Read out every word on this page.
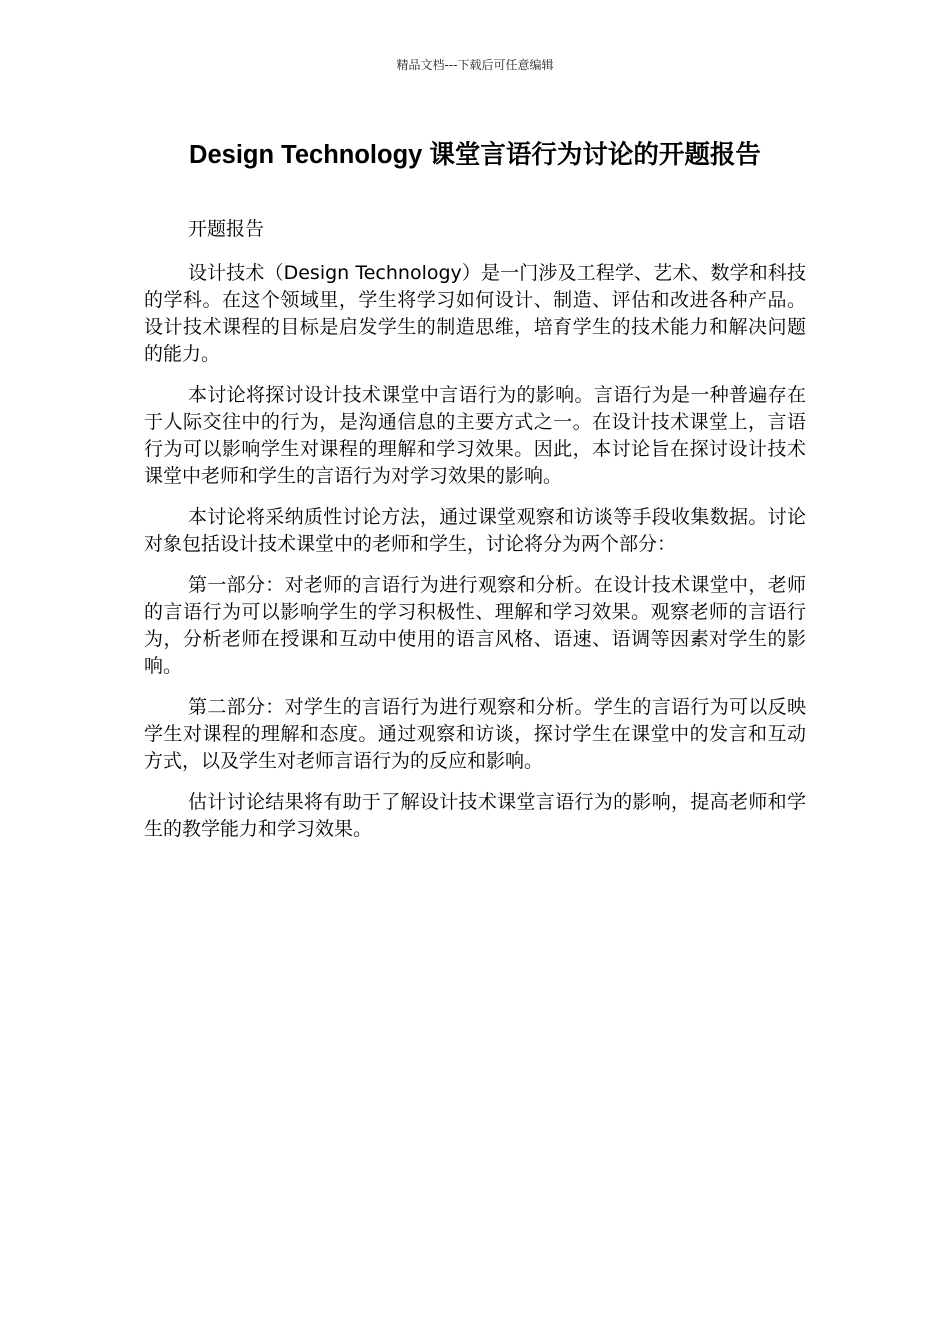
精品文档---下载后可任意编辑
Design Technology 课堂言语行为讨论的开题报告

开题报告

设计技术（Design Technology）是一门涉及工程学、艺术、数学和科技的学科。在这个领域里，学生将学习如何设计、制造、评估和改进各种产品。设计技术课程的目标是启发学生的制造思维，培育学生的技术能力和解决问题的能力。

本讨论将探讨设计技术课堂中言语行为的影响。言语行为是一种普遍存在于人际交往中的行为，是沟通信息的主要方式之一。在设计技术课堂上，言语行为可以影响学生对课程的理解和学习效果。因此，本讨论旨在探讨设计技术课堂中老师和学生的言语行为对学习效果的影响。

本讨论将采纳质性讨论方法，通过课堂观察和访谈等手段收集数据。讨论对象包括设计技术课堂中的老师和学生，讨论将分为两个部分：

第一部分：对老师的言语行为进行观察和分析。在设计技术课堂中，老师的言语行为可以影响学生的学习积极性、理解和学习效果。观察老师的言语行为，分析老师在授课和互动中使用的语言风格、语速、语调等因素对学生的影响。

第二部分：对学生的言语行为进行观察和分析。学生的言语行为可以反映学生对课程的理解和态度。通过观察和访谈，探讨学生在课堂中的发言和互动方式，以及学生对老师言语行为的反应和影响。

估计讨论结果将有助于了解设计技术课堂言语行为的影响，提高老师和学生的教学能力和学习效果。
